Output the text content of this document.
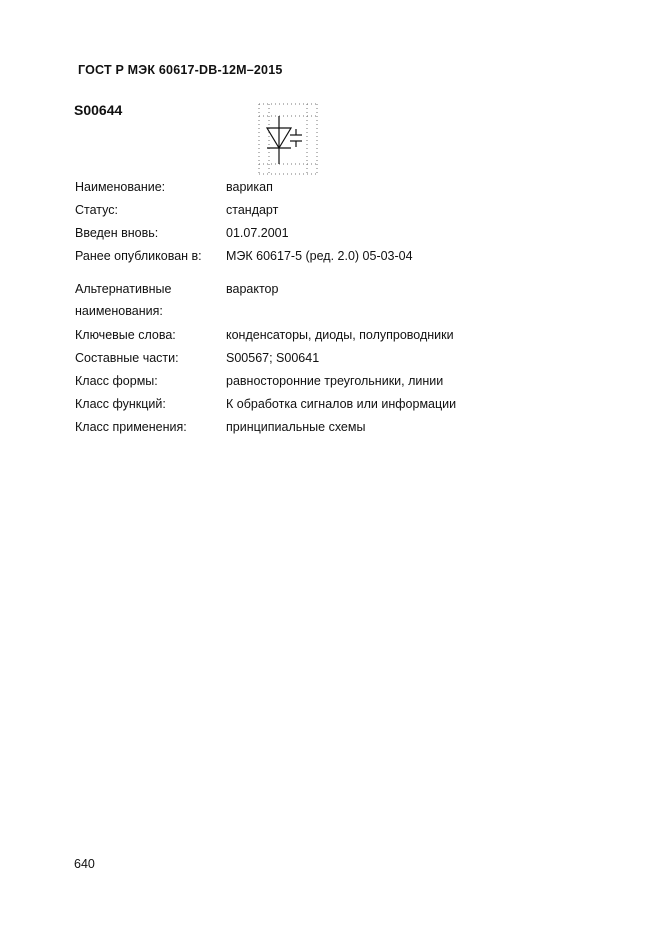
ГОСТ Р МЭК 60617-DB-12M–2015
S00644
Наименование:	варикап
Статус:	стандарт
Введен вновь:	01.07.2001
Ранее опубликован в: МЭК 60617-5 (ред. 2.0) 05-03-04
Альтернативные	варактор
наименования:
Ключевые слова:	конденсаторы, диоды, полупроводники
Составные части:	S00567; S00641
Класс формы:	равносторонние треугольники, линии
Класс функций:	К обработка сигналов или информации
Класс применения:	принципиальные схемы
640
